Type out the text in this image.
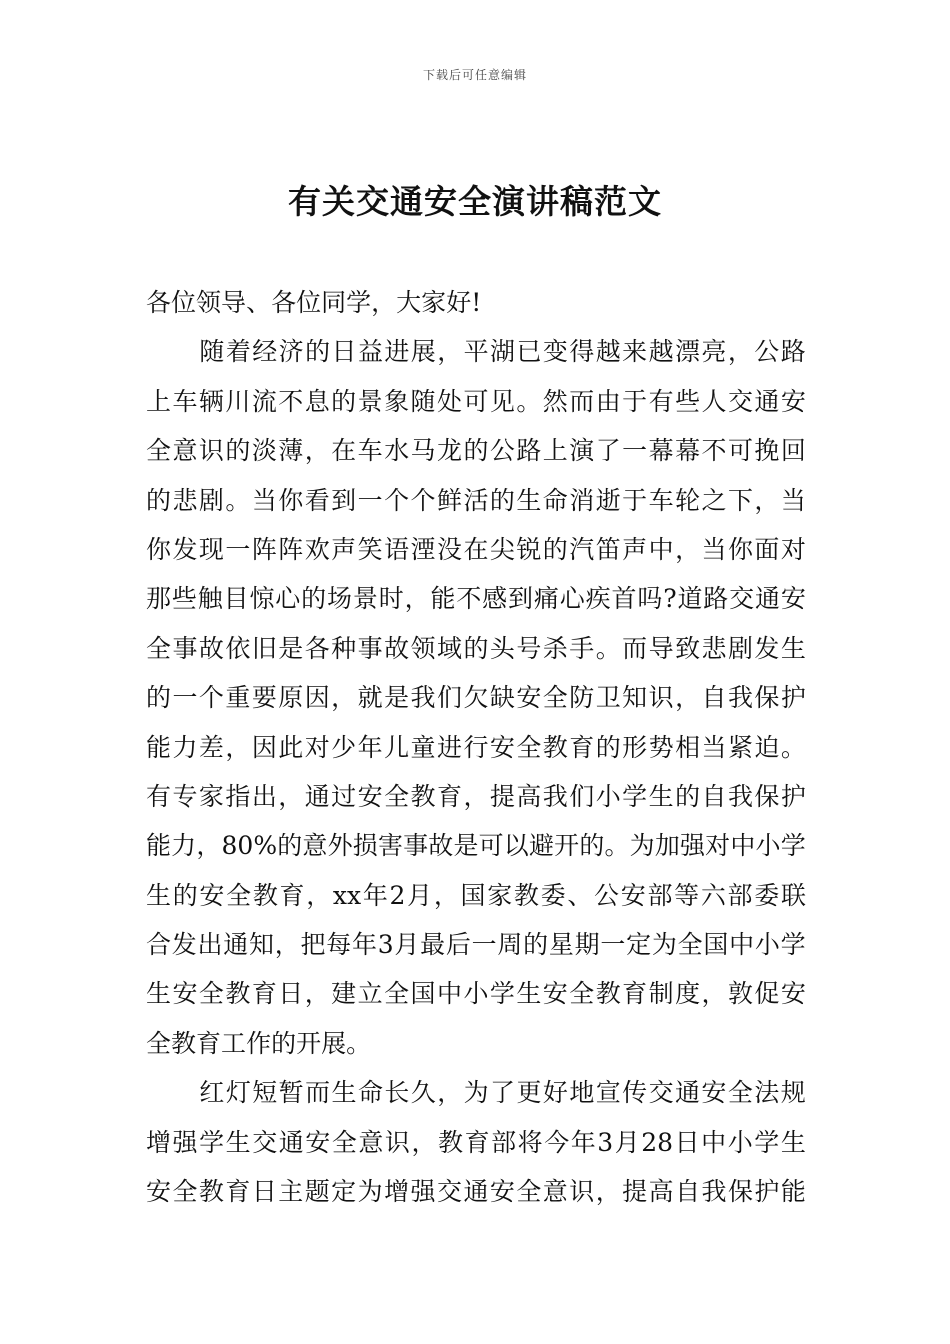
下载后可任意编辑
有关交通安全演讲稿范文
各 位 领 导 、 各 位 同 学 ， 大 家 好 !
随 着 经 济 的 日 益 进 展 ， 平 湖 已 变 得 越 来 越 漂 亮 ， 公 路
上 车 辆 川 流 不 息 的 景 象 随 处 可 见 。 然 而 由 于 有 些 人 交 通 安
全 意 识 的 淡 薄 ， 在 车 水 马 龙 的 公 路 上 演 了 一 幕 幕 不 可 挽 回
的 悲 剧 。 当 你 看 到 一 个 个 鲜 活 的 生 命 消 逝 于 车 轮 之 下 ， 当
你 发 现 一 阵 阵 欢 声 笑 语 湮 没 在 尖 锐 的 汽 笛 声 中 ， 当 你 面 对
那 些 触 目 惊 心 的 场 景 时 ， 能 不 感 到 痛 心 疾 首 吗 ? 道 路 交 通 安
全 事 故 依 旧 是 各 种 事 故 领 域 的 头 号 杀 手 。 而 导 致 悲 剧 发 生
的 一 个 重 要 原 因 ， 就 是 我 们 欠 缺 安 全 防 卫 知 识 ， 自 我 保 护
能 力 差 ， 因 此 对 少 年 儿 童 进 行 安 全 教 育 的 形 势 相 当 紧 迫 。
有 专 家 指 出 ， 通 过 安 全 教 育 ， 提 高 我 们 小 学 生 的 自 我 保 护
能 力 ， 80% 的 意 外 损 害 事 故 是 可 以 避 开 的 。 为 加 强 对 中 小 学
生 的 安 全 教 育 ， xx 年 2 月 ， 国 家 教 委 、 公 安 部 等 六 部 委 联
合 发 出 通 知 ， 把 每 年 3 月 最 后 一 周 的 星 期 一 定 为 全 国 中 小 学
生 安 全 教 育 日 ， 建 立 全 国 中 小 学 生 安 全 教 育 制 度 ， 敦 促 安
全 教 育 工 作 的 开 展 。
红 灯 短 暂 而 生 命 长 久 ， 为 了 更 好 地 宣 传 交 通 安 全 法 规
增 强 学 生 交 通 安 全 意 识 ， 教 育 部 将 今 年 3 月 28 日 中 小 学 生
安 全 教 育 日 主 题 定 为 增 强 交 通 安 全 意 识 ， 提 高 自 我 保 护 能
